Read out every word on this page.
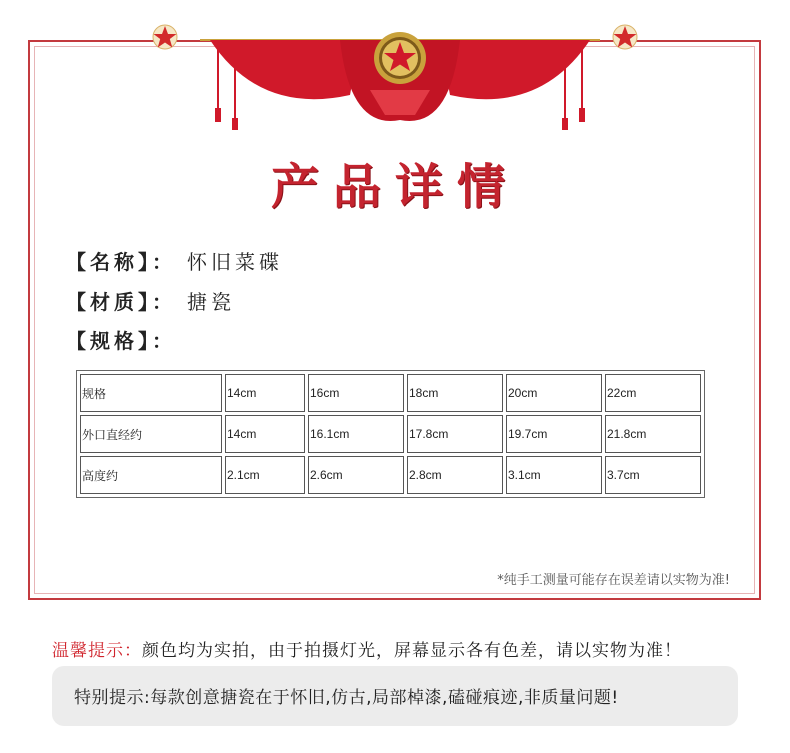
产品详情
【名称】： 怀旧菜碟
【材质】： 搪瓷
【规格】：
规格	14cm	16cm	18cm	20cm	22cm
外口直经约	14cm	16.1cm	17.8cm	19.7cm	21.8cm
高度约	2.1cm	2.6cm	2.8cm	3.1cm	3.7cm
*纯手工测量可能存在误差请以实物为准!
温馨提示：颜色均为实拍，由于拍摄灯光，屏幕显示各有色差，请以实物为准！
特别提示:每款创意搪瓷在于怀旧,仿古,局部棹漆,磕碰痕迹,非质量问题!
